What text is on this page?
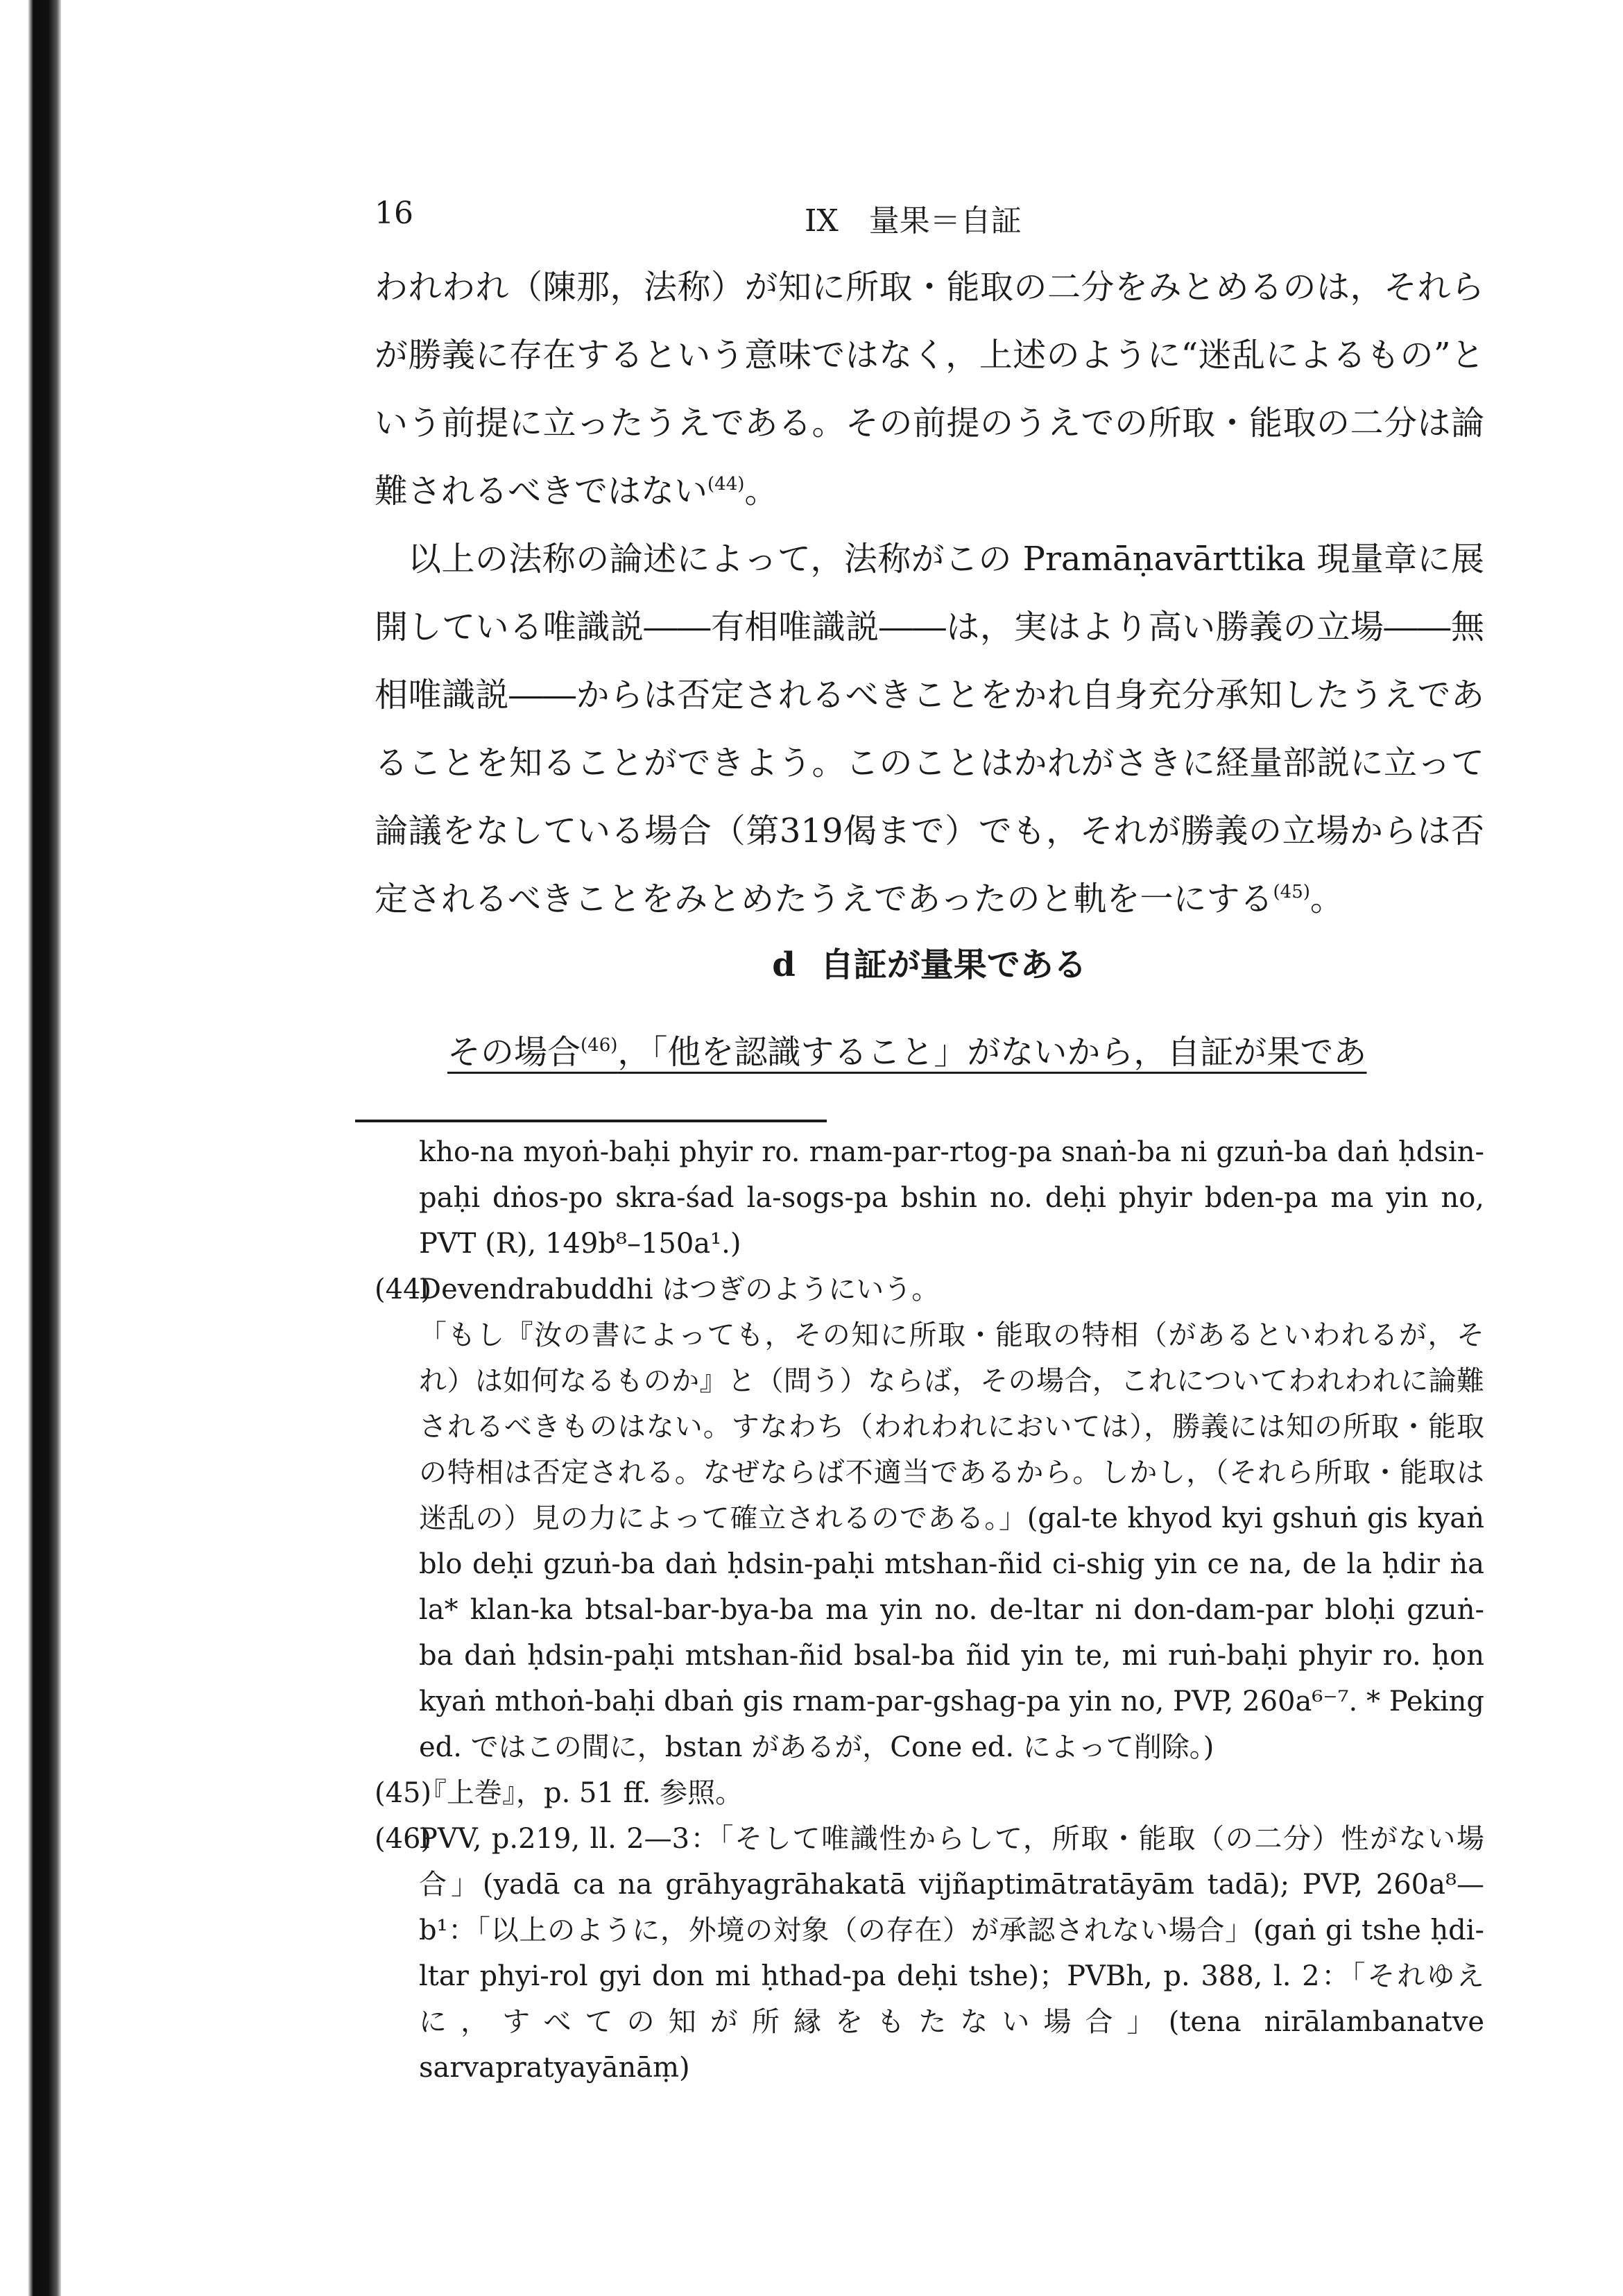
16	IX　量果＝自証

われわれ（陳那，法称）が知に所取・能取の二分をみとめるのは，それらが勝義に存在するという意味ではなく，上述のように“迷乱によるもの”という前提に立ったうえである。その前提のうえでの所取・能取の二分は論難されるべきではない$^{(44)}$。

以上の法称の論述によって，法称がこの Pramāṇavārttika 現量章に展開している唯識説――有相唯識説――は，実はより高い勝義の立場――無相唯識説――からは否定されるべきことをかれ自身充分承知したうえであることを知ることができよう。このことはかれがさきに経量部説に立って論議をなしている場合（第319偈まで）でも，それが勝義の立場からは否定されるべきことをみとめたうえであったのと軌を一にする$^{(45)}$。

d 自証が量果である
その場合$^{(46)}$，「他を認識すること」がないから，自証が果であ

kho-na myoṅ-baḥi phyir ro. rnam-par-rtog-pa snaṅ-ba ni gzuṅ-ba daṅ ḥdsin-paḥi dṅos-po skra-śad la-sogs-pa bshin no. deḥi phyir bden-pa ma yin no, PVT (R), 149b⁸–150a¹.)

(44)Devendrabuddhi はつぎのようにいう。

「もし『汝の書によっても，その知に所取・能取の特相（があるといわれるが，それ）は如何なるものか』と（問う）ならば，その場合，これについてわれわれに論難されるべきものはない。すなわち（われわれにおいては），勝義には知の所取・能取の特相は否定される。なぜならば不適当であるから。しかし，（それら所取・能取は迷乱の）見の力によって確立されるのである。」(gal-te khyod kyi gshuṅ gis kyaṅ blo deḥi gzuṅ-ba daṅ ḥdsin-paḥi mtshan-ñid ci-shig yin ce na, de la ḥdir ṅa la* klan-ka btsal-bar-bya-ba ma yin no. de-ltar ni don-dam-par bloḥi gzuṅ-ba daṅ ḥdsin-paḥi mtshan-ñid bsal-ba ñid yin te, mi ruṅ-baḥi phyir ro. ḥon kyaṅ mthoṅ-baḥi dbaṅ gis rnam-par-gshag-pa yin no, PVP, 260a⁶⁻⁷. * Peking ed. ではこの間に，bstan があるが，Cone ed. によって削除。)

(45)『上巻』，p. 51 ff. 参照。

(46)PVV, p.219, ll. 2—3：「そして唯識性からして，所取・能取（の二分）性がない場合」(yadā ca na grāhyagrāhakatā vijñaptimātratāyām tadā); PVP, 260a⁸—b¹：「以上のように，外境の対象（の存在）が承認されない場合」(gaṅ gi tshe ḥdi-ltar phyi-rol gyi don mi ḥthad-pa deḥi tshe)；PVBh, p. 388, l. 2：「それゆえに，すべての知が所縁をもたない場合」(tena nirālambanatve sarvapratyayānāṃ)
